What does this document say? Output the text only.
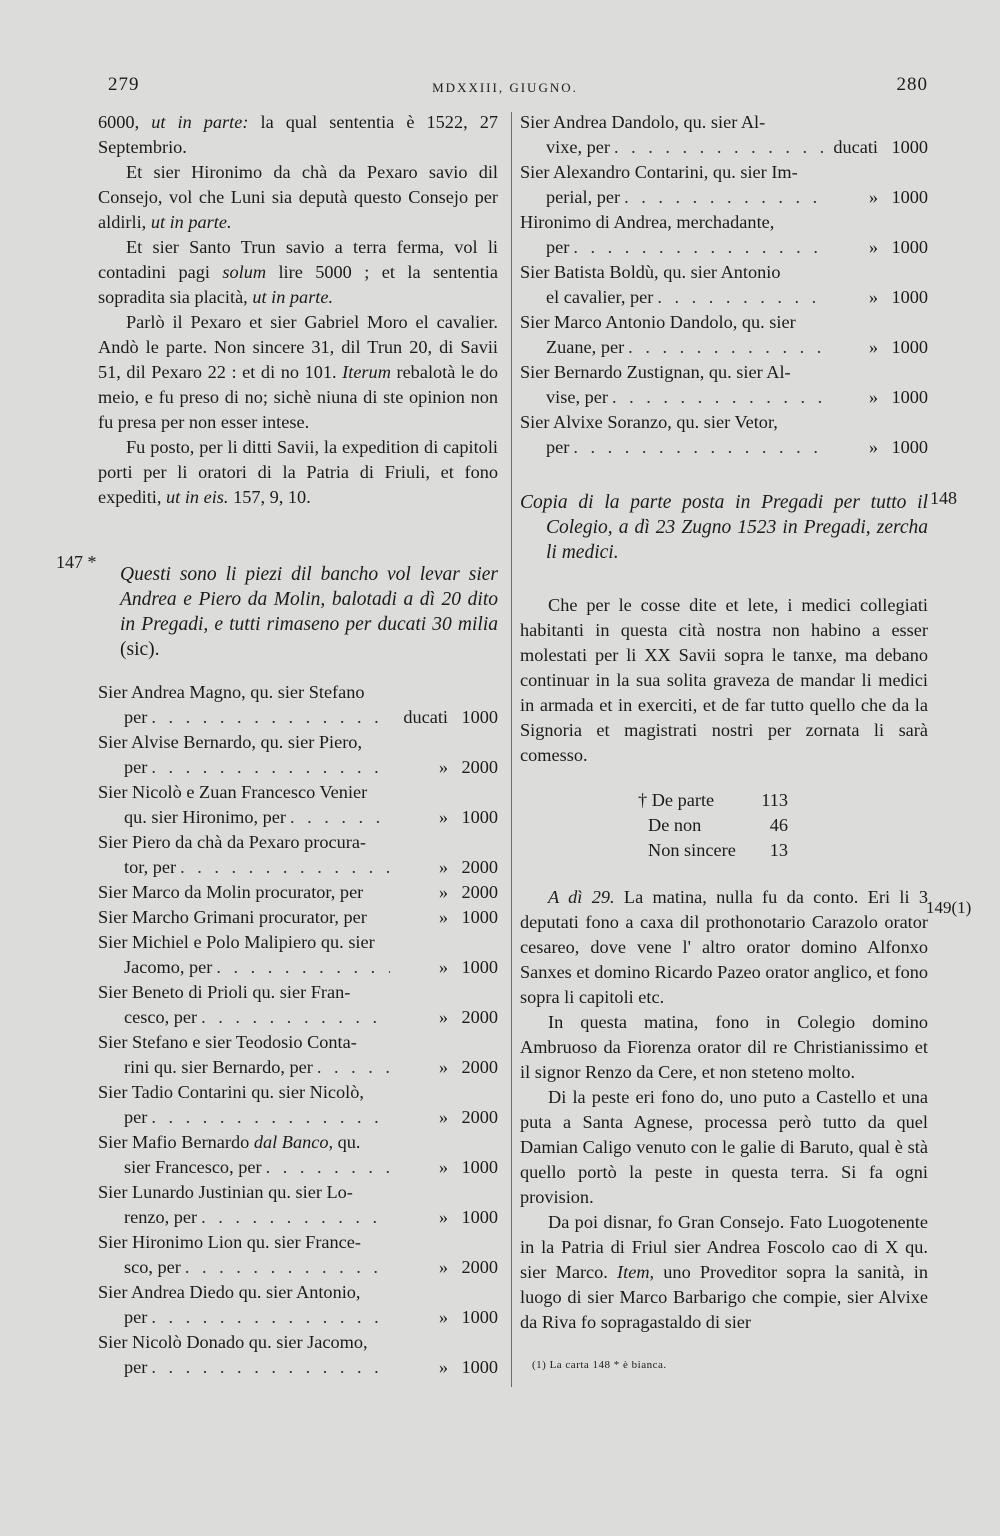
279	MDXXIII, GIUGNO.	280

6000, ut in parte: la qual sententia è 1522, 27 Septembrio.

Et sier Hironimo da chà da Pexaro savio dil Consejo, vol che Luni sia deputà questo Consejo per aldirli, ut in parte.

Et sier Santo Trun savio a terra ferma, vol li contadini pagi solum lire 5000 ; et la sententia sopradita sia placità, ut in parte.

Parlò il Pexaro et sier Gabriel Moro el cavalier. Andò le parte. Non sincere 31, dil Trun 20, di Savii 51, dil Pexaro 22 : et di no 101. Iterum rebalotà le do meio, e fu preso di no; sichè niuna di ste opinion non fu presa per non esser intese.

Fu posto, per li ditti Savii, la expedition di capitoli porti per li oratori di la Patria di Friuli, et fono expediti, ut in eis. 157, 9, 10.

Questi sono li piezi dil bancho vol levar sier Andrea e Piero da Molin, balotadi a dì 20 dito in Pregadi, e tutti rimaseno per ducati 30 milia (sic).

Sier Andrea Magno, qu. sier Stefano
per . . .	ducati 1000
Sier Alvise Bernardo, qu. sier Piero,
per . . .	» 2000
Sier Nicolò e Zuan Francesco Venier
qu. sier Hironimo, per . . .	» 1000
Sier Piero da chà da Pexaro procura-
tor, per . . .	» 2000
Sier Marco da Molin procurator, per	» 2000
Sier Marcho Grimani procurator, per	» 1000
Sier Michiel e Polo Malipiero qu. sier
Jacomo, per . . .	» 1000
Sier Beneto di Prioli qu. sier Fran-
cesco, per . . .	» 2000
Sier Stefano e sier Teodosio Conta-
rini qu. sier Bernardo, per . . .	» 2000
Sier Tadio Contarini qu. sier Nicolò,
per . . .	» 2000
Sier Mafio Bernardo dal Banco, qu.
sier Francesco, per . . .	» 1000
Sier Lunardo Justinian qu. sier Lo-
renzo, per . . .	» 1000
Sier Hironimo Lion qu. sier France-
sco, per . . .	» 2000
Sier Andrea Diedo qu. sier Antonio,
per . . .	» 1000
Sier Nicolò Donado qu. sier Jacomo,
per . . .	» 1000
147 *
Sier Andrea Dandolo, qu. sier Al-
vixe, per . . .	ducati 1000
Sier Alexandro Contarini, qu. sier Im-
perial, per . . .	» 1000
Hironimo di Andrea, merchadante,
per . . .	» 1000
Sier Batista Boldù, qu. sier Antonio
el cavalier, per . . .	» 1000
Sier Marco Antonio Dandolo, qu. sier
Zuane, per . . .	» 1000
Sier Bernardo Zustignan, qu. sier Al-
vise, per . . .	» 1000
Sier Alvixe Soranzo, qu. sier Vetor,
per . . .	» 1000

Copia di la parte posta in Pregadi per tutto il Colegio, a dì 23 Zugno 1523 in Pregadi, zercha li medici.

Che per le cosse dite et lete, i medici collegiati habitanti in questa cità nostra non habino a esser molestati per li XX Savii sopra le tanxe, ma debano continuar in la sua solita graveza de mandar li medici in armada et in exerciti, et de far tutto quello che da la Signoria et magistrati nostri per zornata li sarà comesso.

† De parte	113
De non	46
Non sincere	13

A dì 29. La matina, nulla fu da conto. Eri li 3 deputati fono a caxa dil prothonotario Carazolo orator cesareo, dove vene l' altro orator domino Alfonxo Sanxes et domino Ricardo Pazeo orator anglico, et fono sopra li capitoli etc.

In questa matina, fono in Colegio domino Ambruoso da Fiorenza orator dil re Christianissimo et il signor Renzo da Cere, et non steteno molto.

Di la peste eri fono do, uno puto a Castello et una puta a Santa Agnese, processa però tutto da quel Damian Caligo venuto con le galie di Baruto, qual è stà quello portò la peste in questa terra. Si fa ogni provision.

Da poi disnar, fo Gran Consejo. Fato Luogotenente in la Patria di Friul sier Andrea Foscolo cao di X qu. sier Marco. Item, uno Proveditor sopra la sanità, in luogo di sier Marco Barbarigo che compie, sier Alvixe da Riva fo sopragastaldo di sier

(1) La carta 148 * è bianca.
148
149(1)
